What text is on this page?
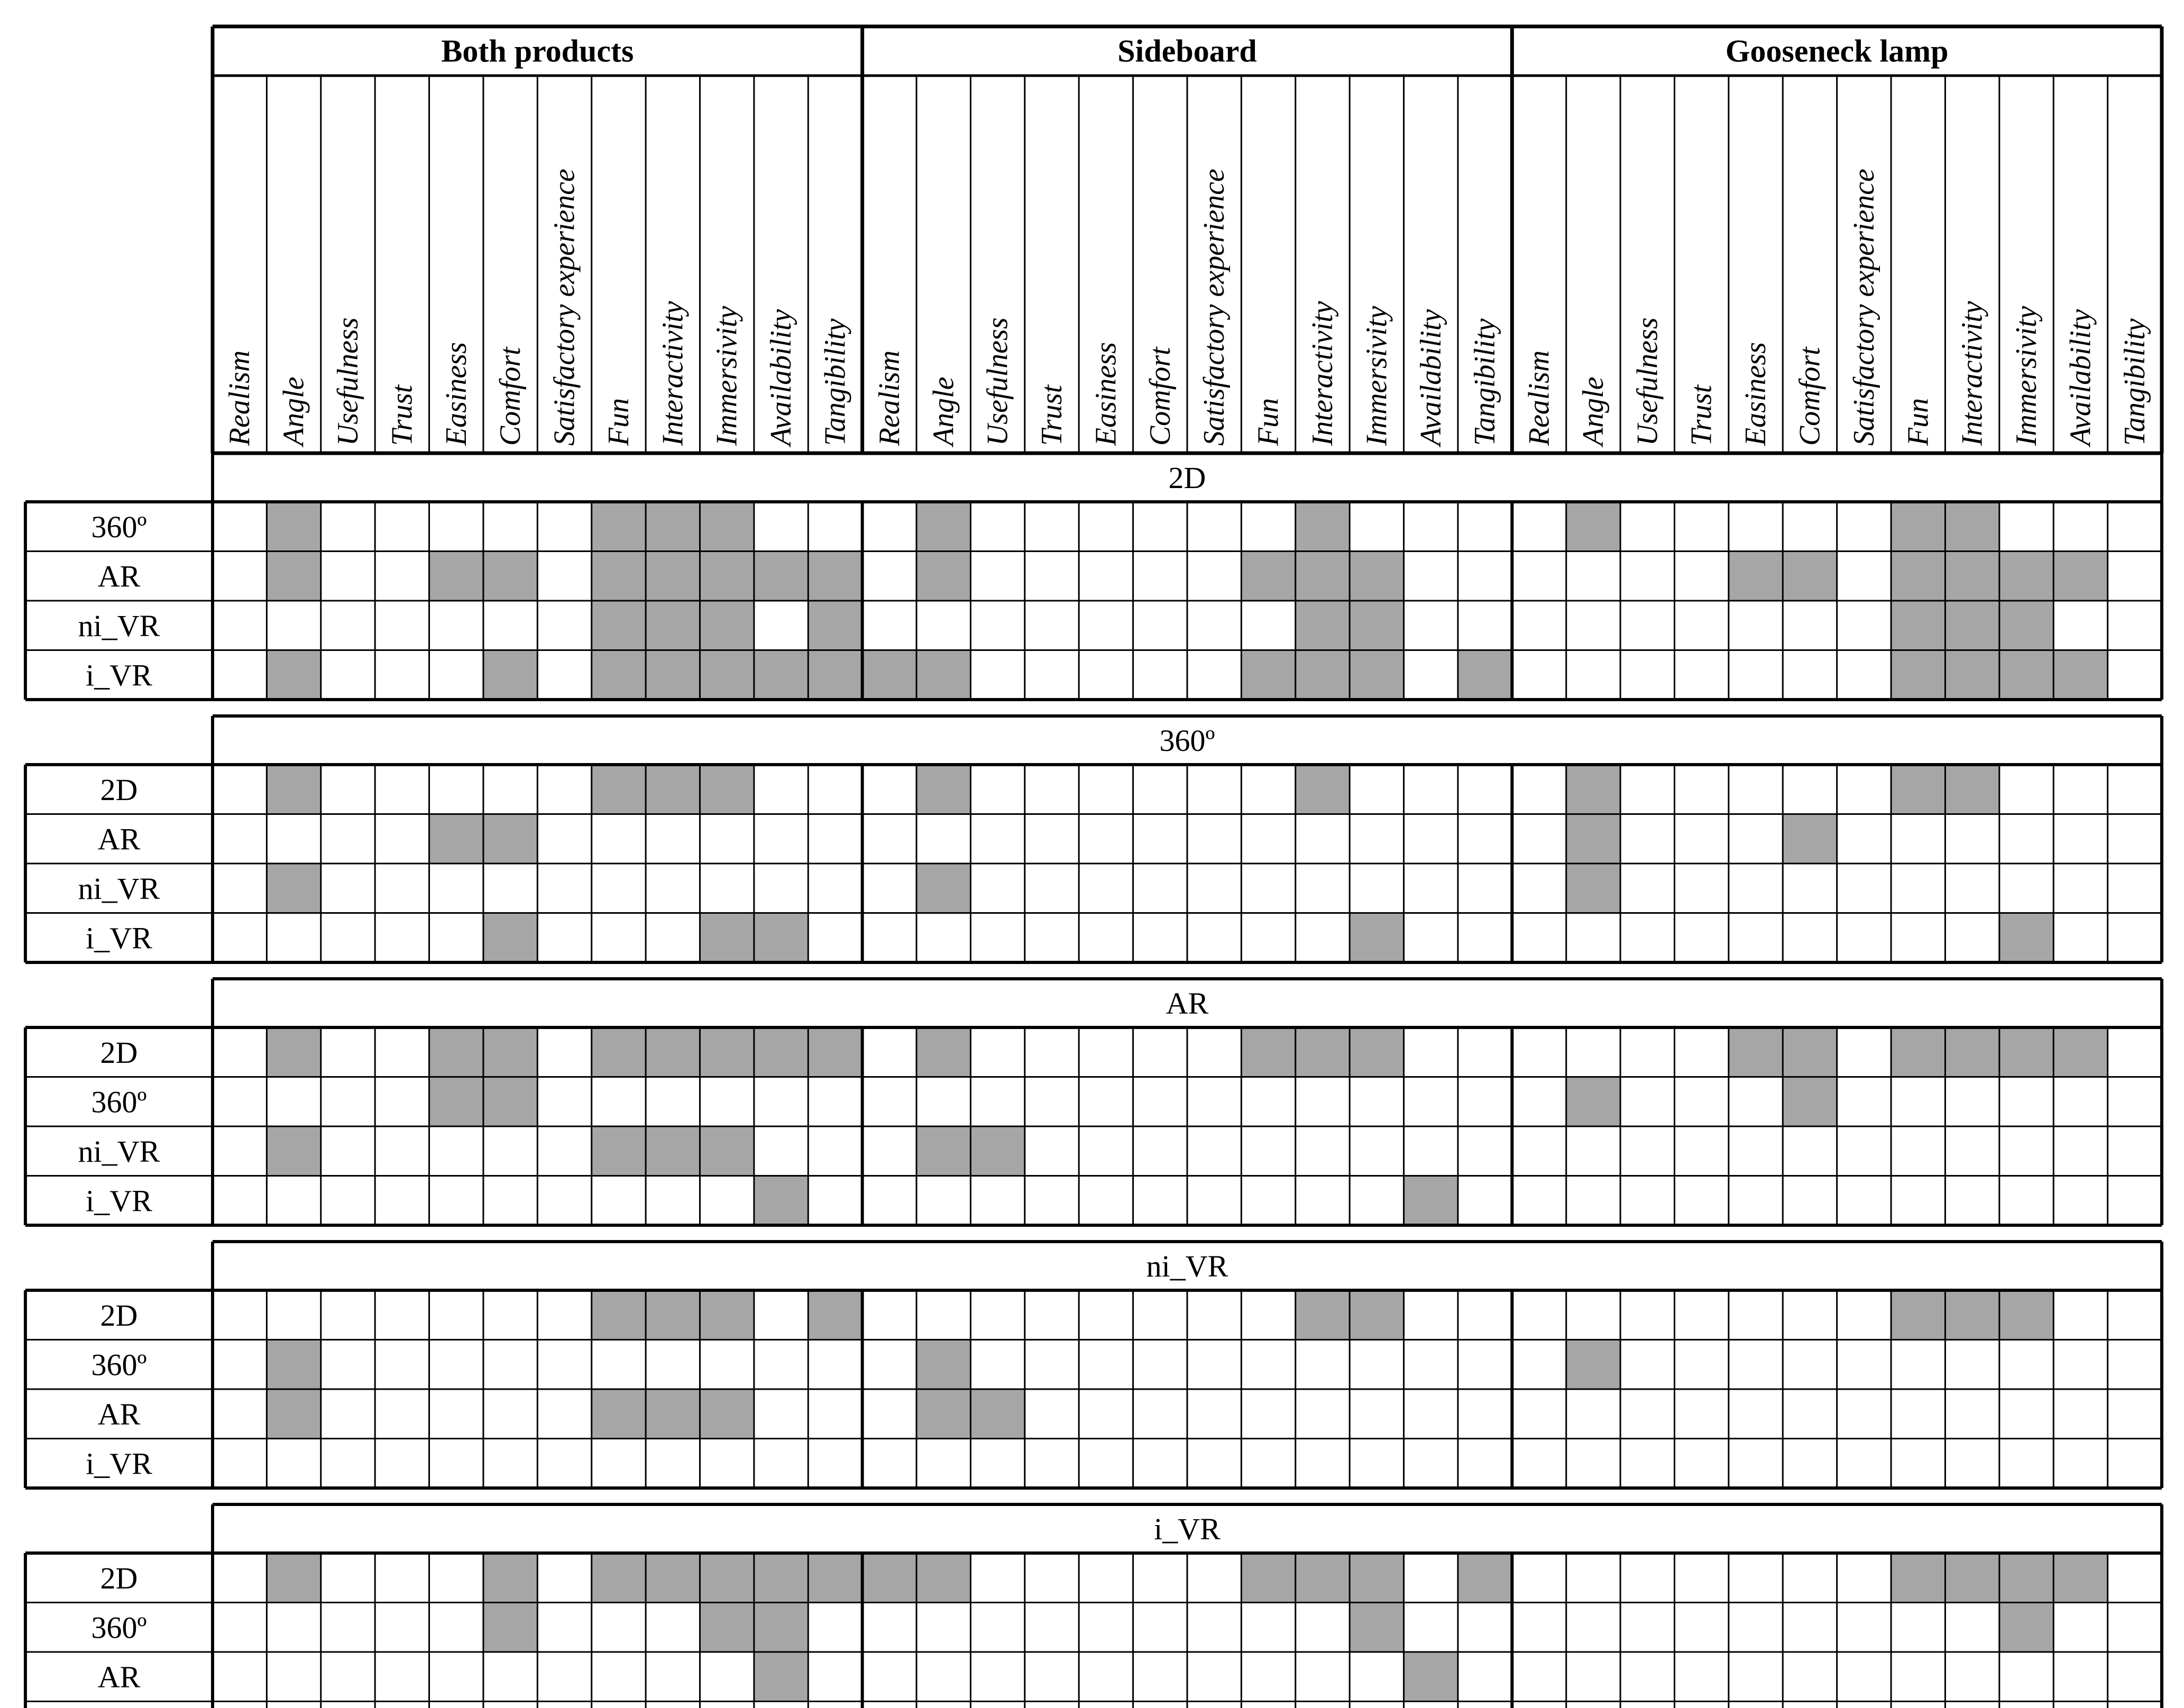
Both products	Sideboard	Gooseneck lamp
Realism Angle Usefulness Trust Easiness Comfort Satisfactory experience Fun Interactivity Immersivity Availability Tangibility Realism Angle Usefulness Trust Easiness Comfort Satisfactory experience Fun Interactivity Immersivity Availability Tangibility Realism Angle Usefulness Trust Easiness Comfort Satisfactory experience Fun Interactivity Immersivity Availability Tangibility
2D
360º
AR
ni_VR
i_VR
360º
2D
AR
ni_VR
i_VR
AR
2D
360º
ni_VR
i_VR
ni_VR
2D
360º
AR
i_VR
i_VR
2D
360º
AR
